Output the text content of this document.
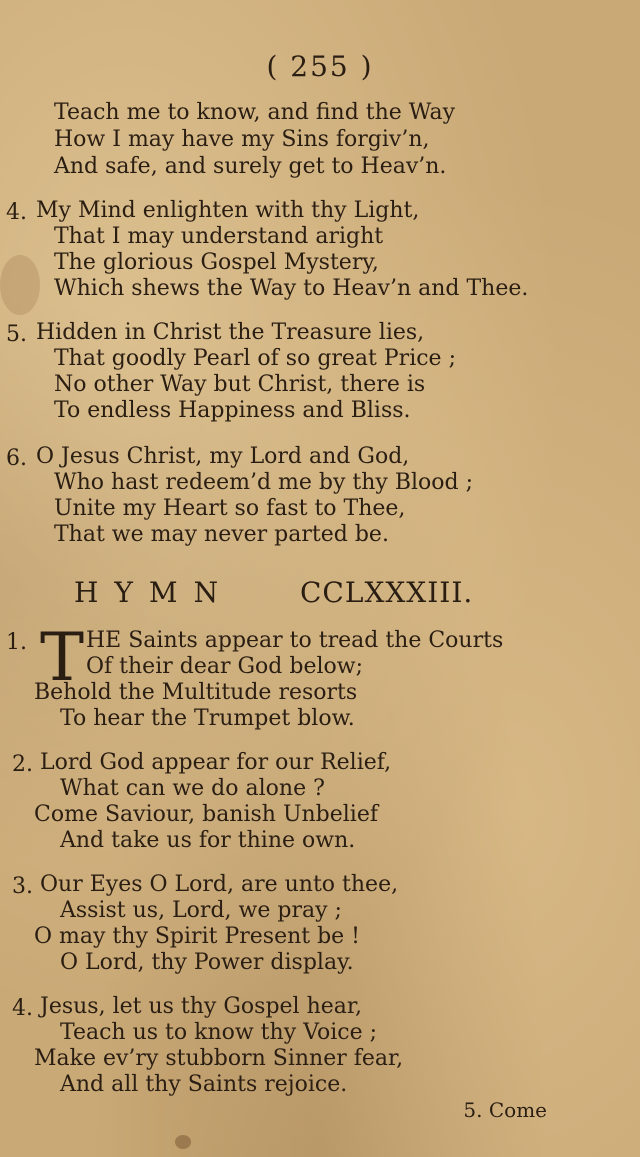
( 255 )
Teach me to know, and find the Way
How I may have my Sins forgiv’n,
And safe, and surely get to Heav’n.
4. My Mind enlighten with thy Light,
That I may understand aright
The glorious Gospel Mystery,
Which shews the Way to Heav’n and Thee.
5. Hidden in Christ the Treasure lies,
That goodly Pearl of so great Price ;
No other Way but Christ, there is
To endless Happiness and Bliss.
6. O Jesus Christ, my Lord and God,
Who hast redeem’d me by thy Blood ;
Unite my Heart so fast to Thee,
That we may never parted be.
HYMN CCLXXXIII.
1. T HE Saints appear to tread the Courts
Of their dear God below;
Behold the Multitude resorts
To hear the Trumpet blow.
2. Lord God appear for our Relief,
What can we do alone ?
Come Saviour, banish Unbelief
And take us for thine own.
3. Our Eyes O Lord, are unto thee,
Assist us, Lord, we pray ;
O may thy Spirit Present be !
O Lord, thy Power display.
4. Jesus, let us thy Gospel hear,
Teach us to know thy Voice ;
Make ev’ry stubborn Sinner fear,
And all thy Saints rejoice.
5. Come
